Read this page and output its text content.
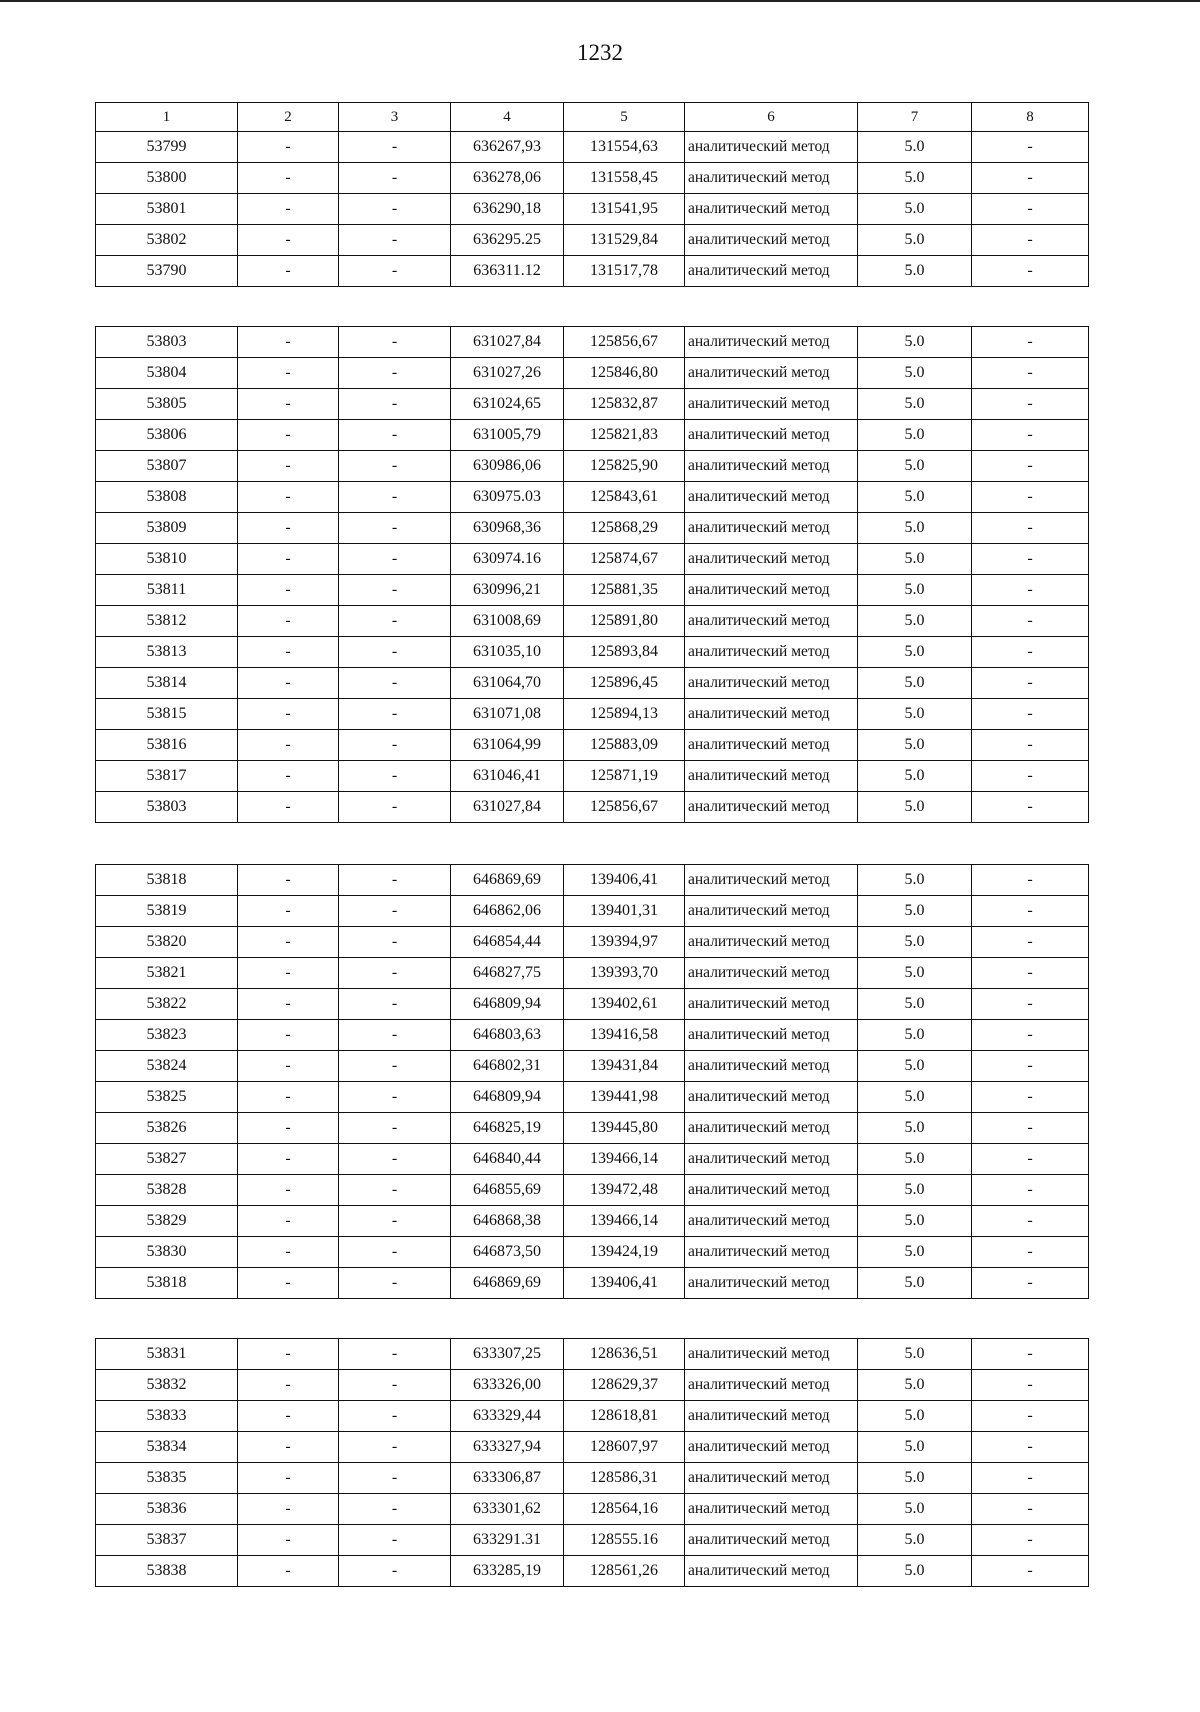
1232
1	2	3	4	5	6	7	8
53799	-	-	636267,93	131554,63	аналитический метод	5.0	-
53800	-	-	636278,06	131558,45	аналитический метод	5.0	-
53801	-	-	636290,18	131541,95	аналитический метод	5.0	-
53802	-	-	636295.25	131529,84	аналитический метод	5.0	-
53790	-	-	636311.12	131517,78	аналитический метод	5.0	-
53803	-	-	631027,84	125856,67	аналитический метод	5.0	-
53804	-	-	631027,26	125846,80	аналитический метод	5.0	-
53805	-	-	631024,65	125832,87	аналитический метод	5.0	-
53806	-	-	631005,79	125821,83	аналитический метод	5.0	-
53807	-	-	630986,06	125825,90	аналитический метод	5.0	-
53808	-	-	630975.03	125843,61	аналитический метод	5.0	-
53809	-	-	630968,36	125868,29	аналитический метод	5.0	-
53810	-	-	630974.16	125874,67	аналитический метод	5.0	-
53811	-	-	630996,21	125881,35	аналитический метод	5.0	-
53812	-	-	631008,69	125891,80	аналитический метод	5.0	-
53813	-	-	631035,10	125893,84	аналитический метод	5.0	-
53814	-	-	631064,70	125896,45	аналитический метод	5.0	-
53815	-	-	631071,08	125894,13	аналитический метод	5.0	-
53816	-	-	631064,99	125883,09	аналитический метод	5.0	-
53817	-	-	631046,41	125871,19	аналитический метод	5.0	-
53803	-	-	631027,84	125856,67	аналитический метод	5.0	-
53818	-	-	646869,69	139406,41	аналитический метод	5.0	-
53819	-	-	646862,06	139401,31	аналитический метод	5.0	-
53820	-	-	646854,44	139394,97	аналитический метод	5.0	-
53821	-	-	646827,75	139393,70	аналитический метод	5.0	-
53822	-	-	646809,94	139402,61	аналитический метод	5.0	-
53823	-	-	646803,63	139416,58	аналитический метод	5.0	-
53824	-	-	646802,31	139431,84	аналитический метод	5.0	-
53825	-	-	646809,94	139441,98	аналитический метод	5.0	-
53826	-	-	646825,19	139445,80	аналитический метод	5.0	-
53827	-	-	646840,44	139466,14	аналитический метод	5.0	-
53828	-	-	646855,69	139472,48	аналитический метод	5.0	-
53829	-	-	646868,38	139466,14	аналитический метод	5.0	-
53830	-	-	646873,50	139424,19	аналитический метод	5.0	-
53818	-	-	646869,69	139406,41	аналитический метод	5.0	-
53831	-	-	633307,25	128636,51	аналитический метод	5.0	-
53832	-	-	633326,00	128629,37	аналитический метод	5.0	-
53833	-	-	633329,44	128618,81	аналитический метод	5.0	-
53834	-	-	633327,94	128607,97	аналитический метод	5.0	-
53835	-	-	633306,87	128586,31	аналитический метод	5.0	-
53836	-	-	633301,62	128564,16	аналитический метод	5.0	-
53837	-	-	633291.31	128555.16	аналитический метод	5.0	-
53838	-	-	633285,19	128561,26	аналитический метод	5.0	-
